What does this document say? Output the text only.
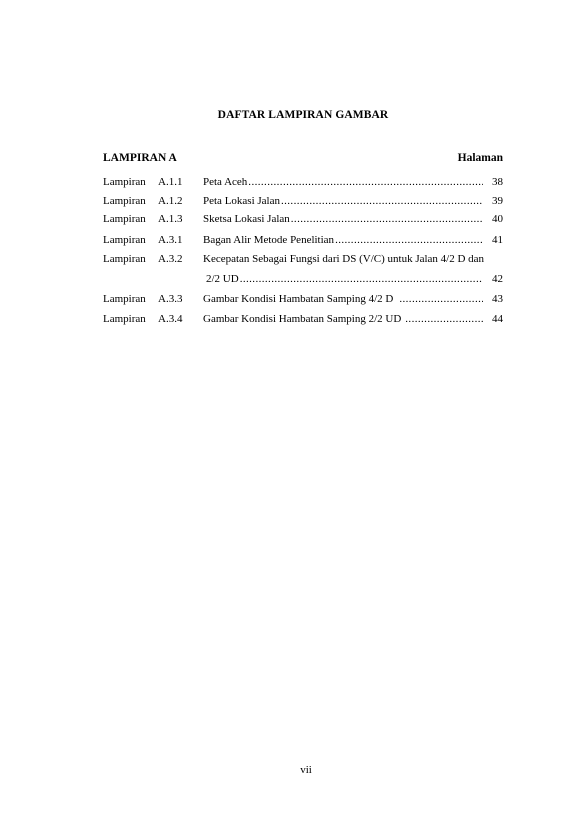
DAFTAR LAMPIRAN GAMBAR
LAMPIRAN A	Halaman
Lampiran A.1.1 Peta Aceh .....	38
Lampiran A.1.2 Peta Lokasi Jalan .....	39
Lampiran A.1.3 Sketsa Lokasi Jalan .....	40
Lampiran A.3.1 Bagan Alir Metode Penelitian .....	41
Lampiran A.3.2 Kecepatan Sebagai Fungsi dari DS (V/C) untuk Jalan 4/2 D dan
2/2 UD .....	42
Lampiran A.3.3 Gambar Kondisi Hambatan Samping 4/2 D .....	43
Lampiran A.3.4 Gambar Kondisi Hambatan Samping 2/2 UD .....	44
vii
